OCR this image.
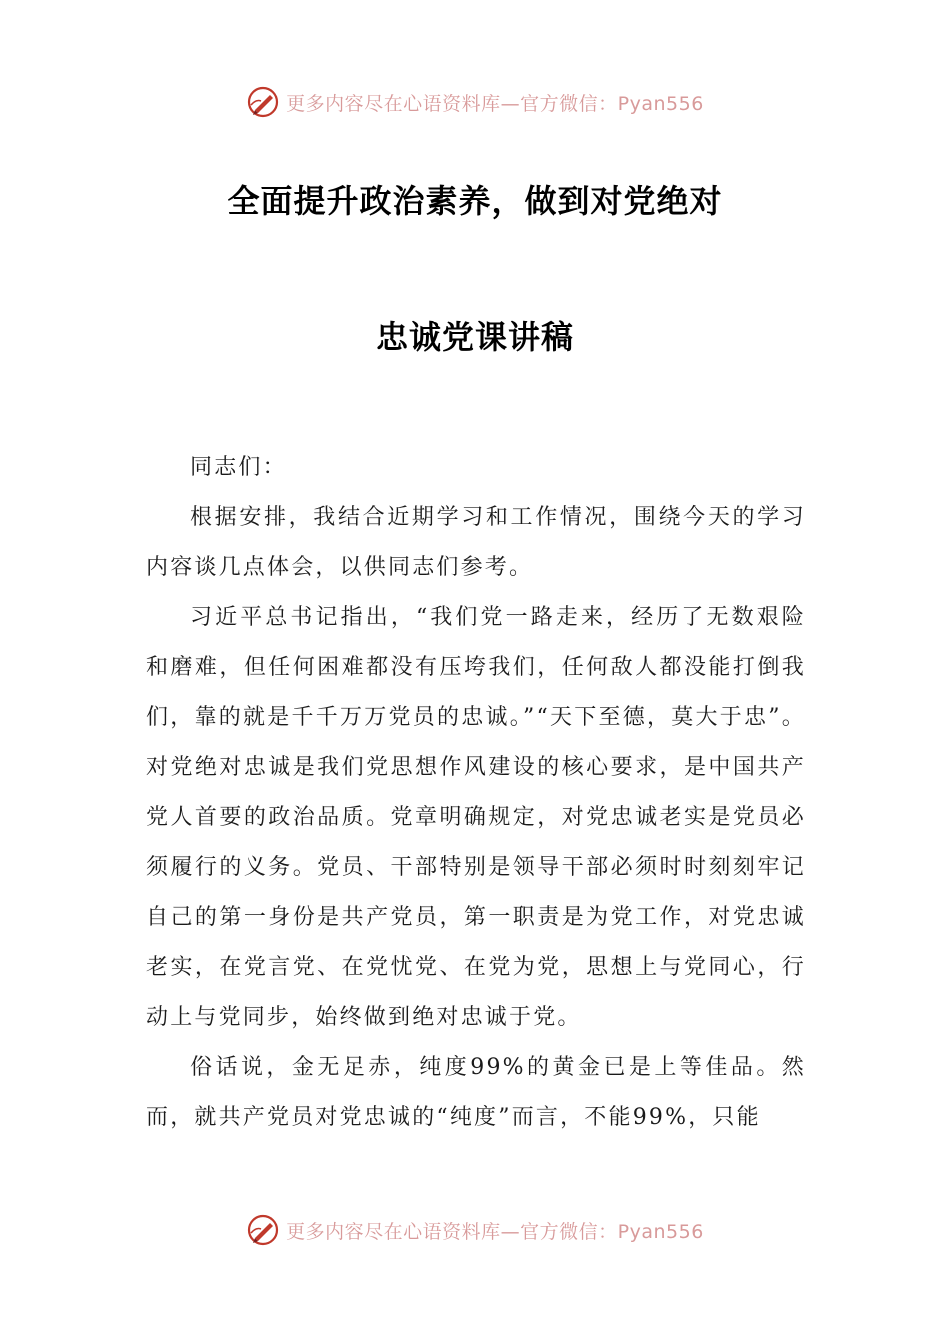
更多内容尽在心语资料库—官方微信：Pyan556
全面提升政治素养，做到对党绝对
忠诚党课讲稿

同志们：

根据安排，我结合近期学习和工作情况，围绕今天的学习内容谈几点体会，以供同志们参考。

习近平总书记指出，“我们党一路走来，经历了无数艰险和磨难，但任何困难都没有压垮我们，任何敌人都没能打倒我们，靠的就是千千万万党员的忠诚。”“天下至德，莫大于忠”。对党绝对忠诚是我们党思想作风建设的核心要求，是中国共产党人首要的政治品质。党章明确规定，对党忠诚老实是党员必须履行的义务。党员、干部特别是领导干部必须时时刻刻牢记自己的第一身份是共产党员，第一职责是为党工作，对党忠诚老实，在党言党、在党忧党、在党为党，思想上与党同心，行动上与党同步，始终做到绝对忠诚于党。

俗话说，金无足赤，纯度99%的黄金已是上等佳品。然而，就共产党员对党忠诚的“纯度”而言，不能99%，只能

更多内容尽在心语资料库—官方微信：Pyan556
